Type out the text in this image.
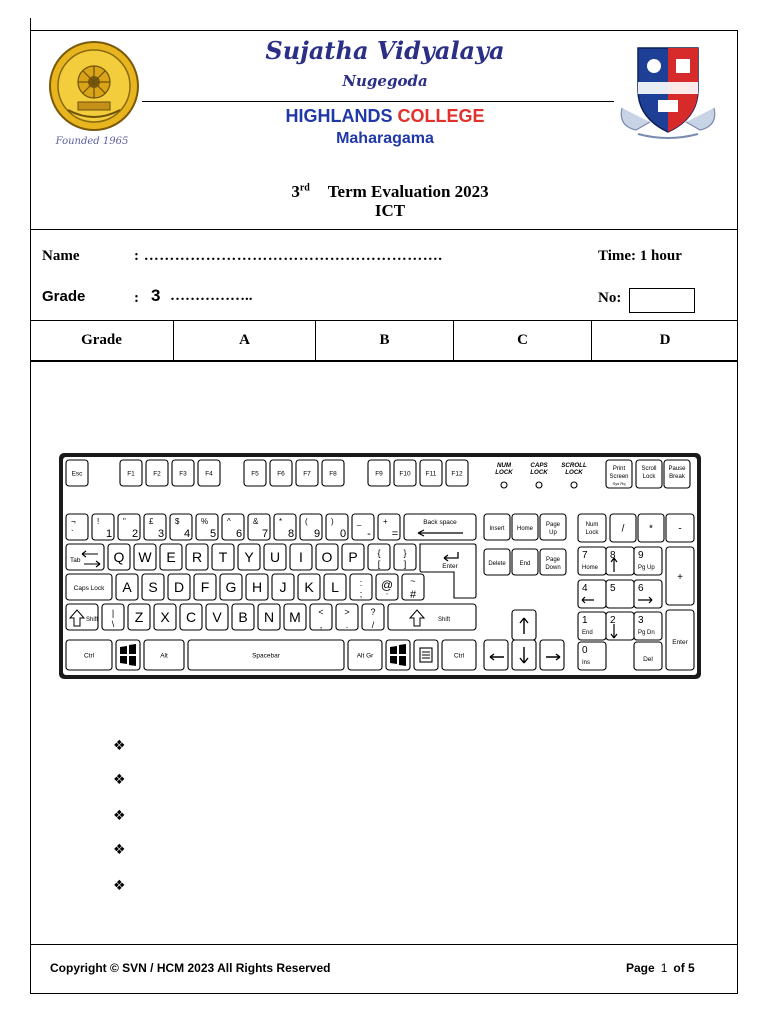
Founded 1965
Sujatha Vidyalaya
Nugegoda
HIGHLANDS COLLEGE
Maharagama
3rd Term Evaluation 2023
ICT
Name	: ………………………………………………….	Time: 1 hour
Grade	: 3 ……………..	No:
Grade	A	B	C	D
Esc	F1	F2	F3	F4	F5	F6	F7	F8	F9	F10 F11 F12
NUM
LOCK
CAPS
LOCK
SCROLL
LOCK	Print
Screen
Scroll
Lock
Pause
Break
Sys Rq
¬
`
!
1
"
2
£
3
$
4
%
5
^
6
&
7
*
8
(
9
)
0
_
-
+
=
Back space
Tab Q W E R T Y U I O P {
[
}
]	Enter
Caps Lock A S D F G H J K L :
;
@
'
~
#
Shift
|
\ Z X C V B N M <
,
>
.
?
/	Shift
Ctrl	Alt	Spacebar	Alt Gr	Ctrl
Insert Home
Page
Up
Delete End
Page
Down
Num
Lock / *	-
7
Home
8 9
Pg Up
+
4 5 6
1
End
2 3
Pg Dn
Enter
0
Ins	Del
❖
❖
❖
❖
❖
Copyright © SVN / HCM 2023 All Rights Reserved	Page 1 of 5
